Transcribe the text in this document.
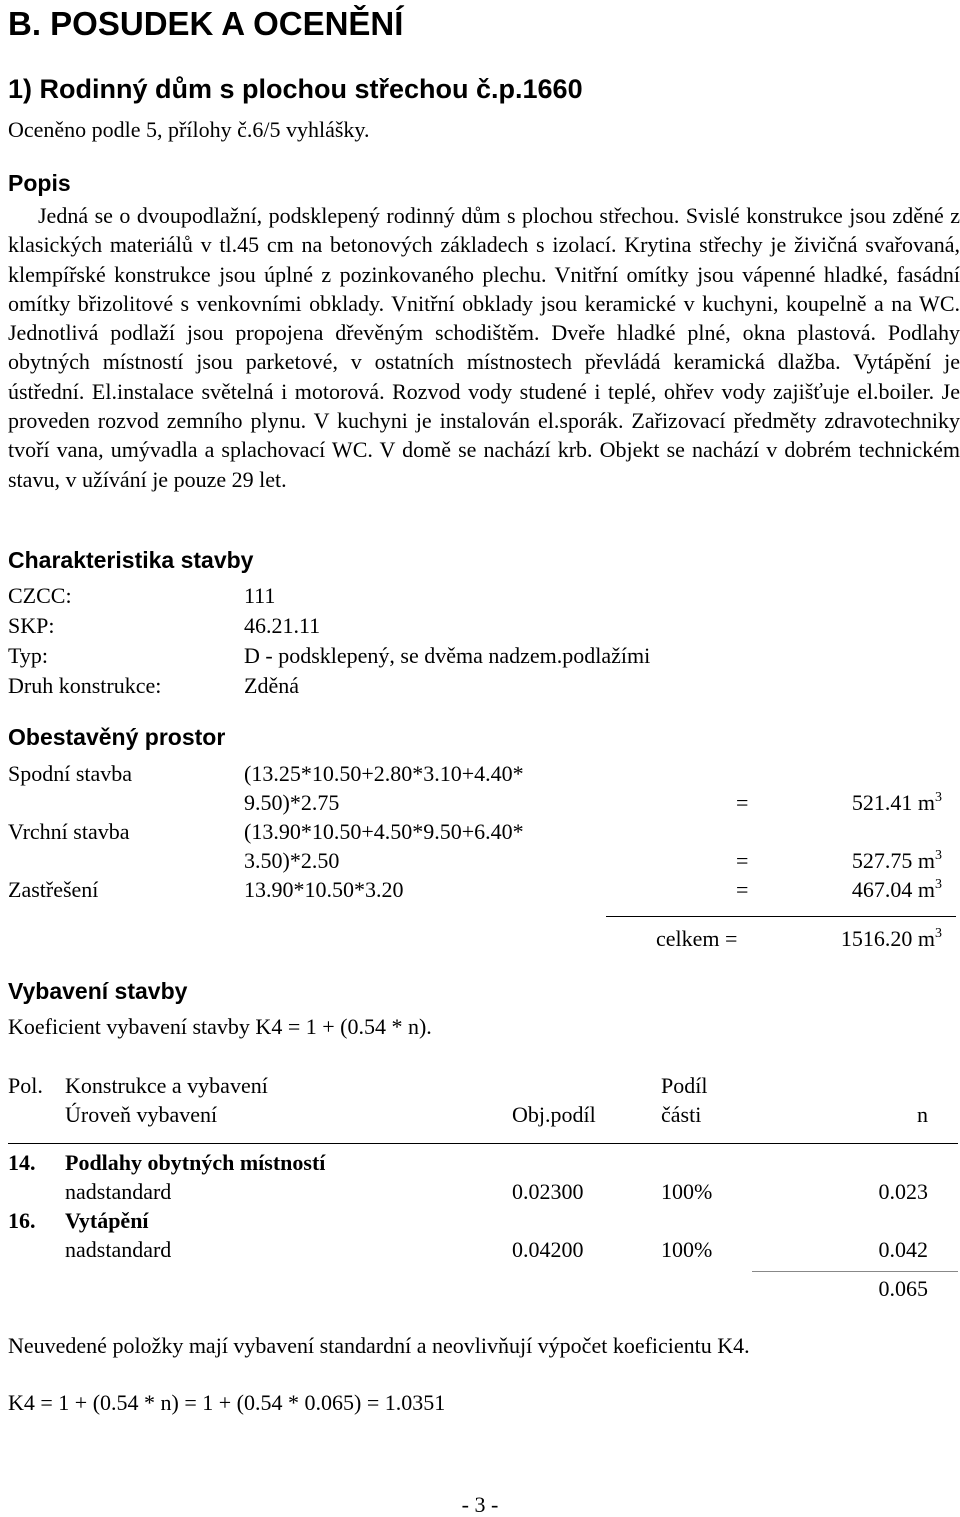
B. POSUDEK A OCENĚNÍ
1) Rodinný dům s plochou střechou č.p.1660
Oceněno podle 5, přílohy č.6/5 vyhlášky.
Popis
Jedná se o dvoupodlažní, podsklepený rodinný dům s plochou střechou. Svislé konstrukce jsou zděné z klasických materiálů v tl.45 cm na betonových základech s izolací. Krytina střechy je živičná svařovaná, klempířské konstrukce jsou úplné z pozinkovaného plechu. Vnitřní omítky jsou vápenné hladké, fasádní omítky břizolitové s venkovními obklady. Vnitřní obklady jsou keramické v kuchyni, koupelně a na WC. Jednotlivá podlaží jsou propojena dřevěným schodištěm. Dveře hladké plné, okna plastová. Podlahy obytných místností jsou parketové, v ostatních místnostech převládá keramická dlažba. Vytápění je ústřední. El.instalace světelná i motorová. Rozvod vody studené i teplé, ohřev vody zajišťuje el.boiler. Je proveden rozvod zemního plynu. V kuchyni je instalován el.sporák. Zařizovací předměty zdravotechniky tvoří vana, umývadla a splachovací WC. V domě se nachází krb. Objekt se nachází v dobrém technickém stavu, v užívání je pouze 29 let.
Charakteristika stavby
CZCC:	111
SKP:	46.21.11
Typ:	D - podsklepený, se dvěma nadzem.podlažími
Druh konstrukce:	Zděná
Obestavěný prostor
Spodní stavba	(13.25*10.50+2.80*3.10+4.40*
9.50)*2.75	=	521.41 $m^3$
Vrchní stavba	(13.90*10.50+4.50*9.50+6.40*
3.50)*2.50	=	527.75 $m^3$
Zastřešení	13.90*10.50*3.20	=	467.04 $m^3$
celkem =	1516.20 $m^3$
Vybavení stavby
Koeficient vybavení stavby K4 = 1 + (0.54 * n).
Pol. Konstrukce a vybavení	Podíl
Úroveň vybavení	Obj.podíl	části	n
14. Podlahy obytných místností
nadstandard	0.02300	100%	0.023
16. Vytápění
nadstandard	0.04200	100%	0.042
0.065
Neuvedené položky mají vybavení standardní a neovlivňují výpočet koeficientu K4.
K4 = 1 + (0.54 * n) = 1 + (0.54 * 0.065) = 1.0351
- 3 -
